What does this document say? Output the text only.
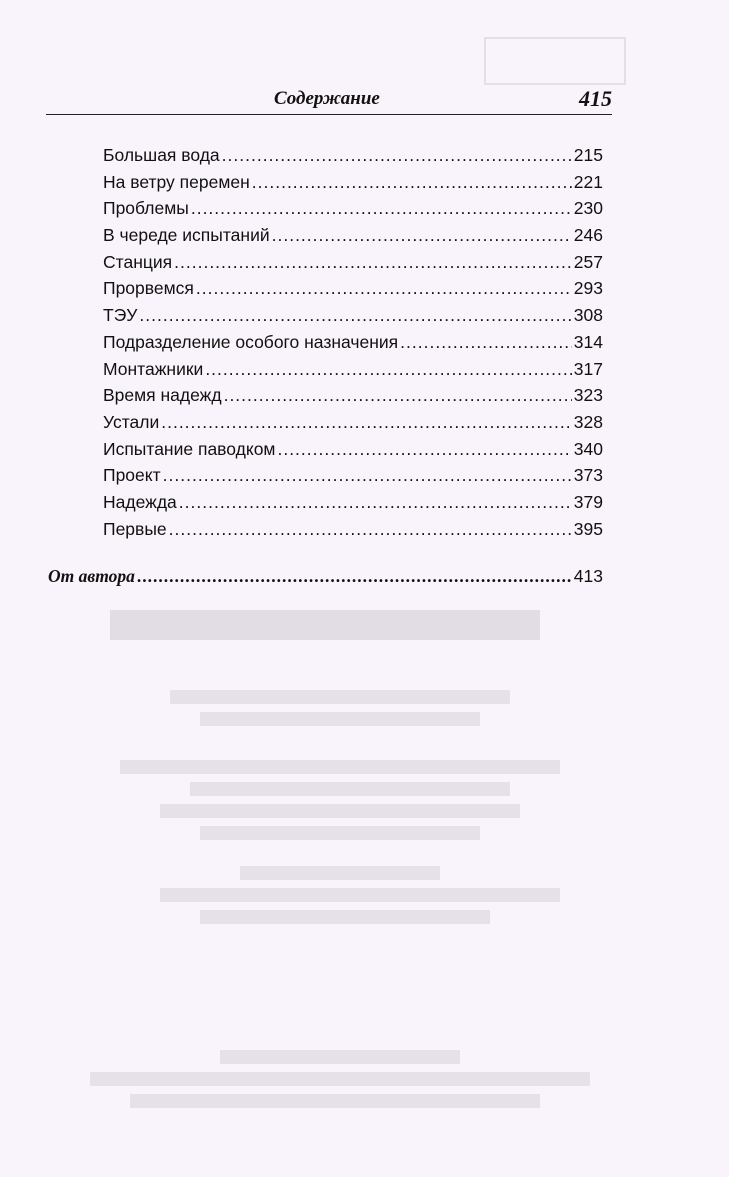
Содержание	415
Большая вода .....	215
На ветру перемен .....	221
Проблемы .....	230
В череде испытаний .....	246
Станция .....	257
Прорвемся .....	293
ТЭУ .....	308
Подразделение особого назначения .....	314
Монтажники .....	317
Время надежд .....	323
Устали .....	328
Испытание паводком .....	340
Проект .....	373
Надежда .....	379
Первые .....	395
От автора .....	413
